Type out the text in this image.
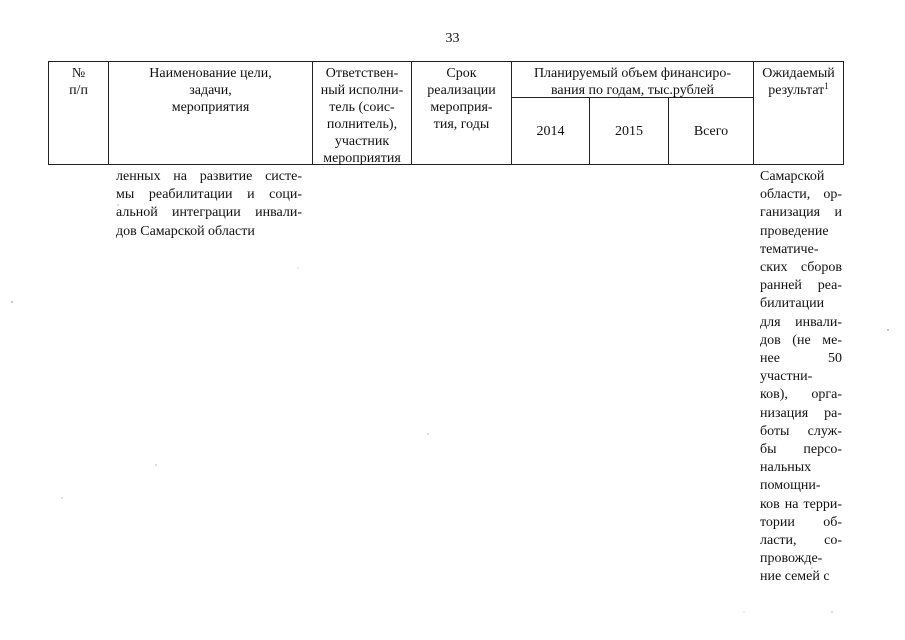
33
№
п/п
Наименование цели,
задачи,
мероприятия
Ответствен-
ный исполни-
тель (соис-
полнитель),
участник
мероприятия
Срок
реализации
мероприя-
тия, годы
Планируемый объем финансиро-
вания по годам, тыс.рублей
2014	2015	Всего
Ожидаемый
результат$^1$
ленных на развитие систе-
мы реабилитации и соци-
альной интеграции инвали-
дов Самарской области
Самарской
области, ор-
ганизация и
проведение
тематиче-
ских сборов
ранней реа-
билитации
для инвали-
дов (не ме-
нее 50
участни-
ков), орга-
низация ра-
боты служ-
бы персо-
нальных
помощни-
ков на терри-
тории об-
ласти, со-
провожде-
ние семей с
